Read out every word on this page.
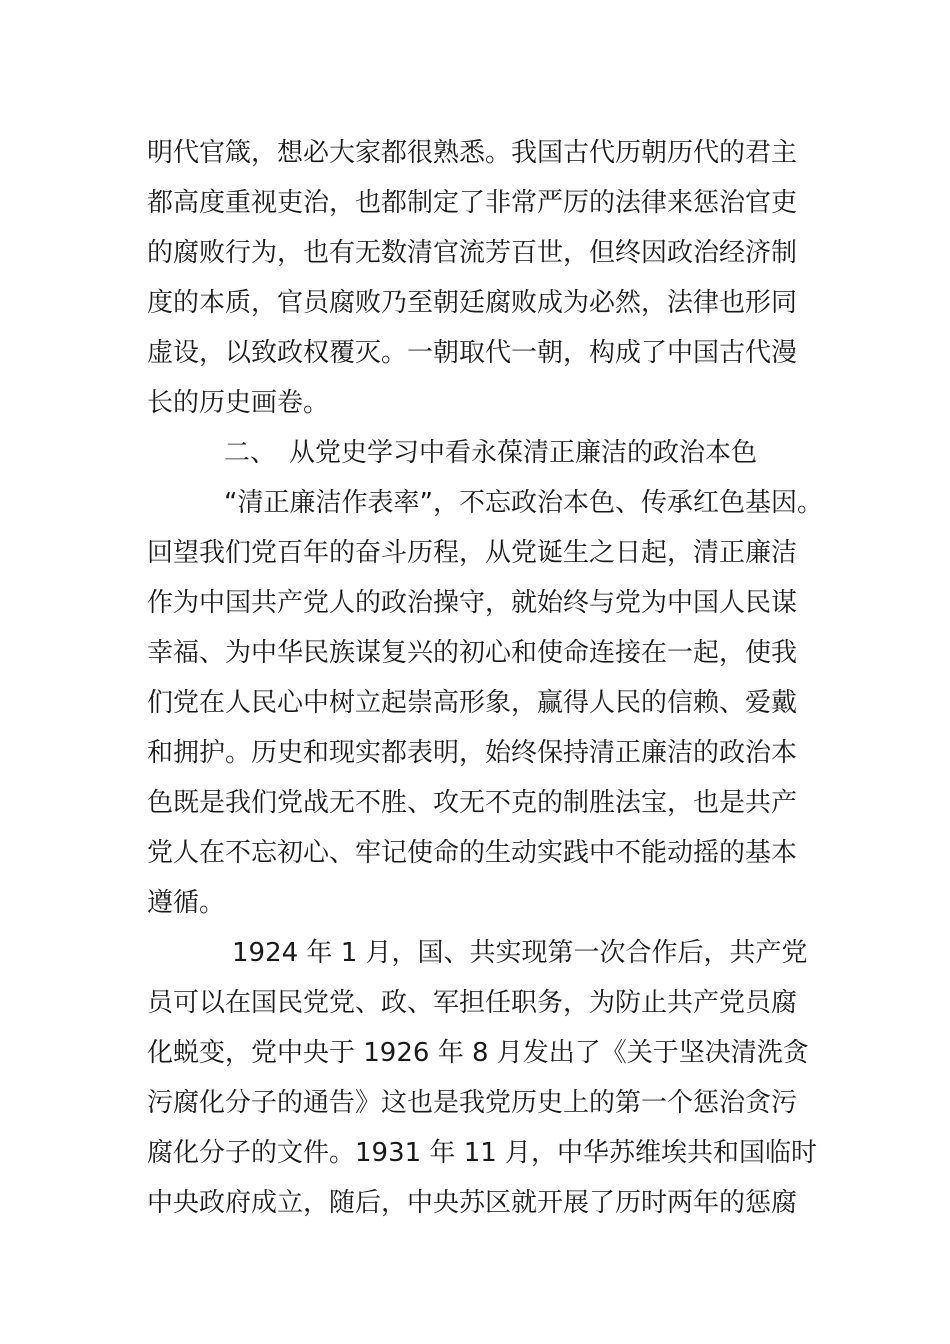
明代官箴，想必大家都很熟悉。我国古代历朝历代的君主
都高度重视吏治，也都制定了非常严厉的法律来惩治官吏
的腐败行为，也有无数清官流芳百世，但终因政治经济制
度的本质，官员腐败乃至朝廷腐败成为必然，法律也形同
虚设，以致政权覆灭。一朝取代一朝，构成了中国古代漫
长的历史画卷。
二、　从党史学习中看永葆清正廉洁的政治本色
“清正廉洁作表率”，不忘政治本色、传承红色基因。
回望我们党百年的奋斗历程，从党诞生之日起，清正廉洁
作为中国共产党人的政治操守，就始终与党为中国人民谋
幸福、为中华民族谋复兴的初心和使命连接在一起，使我
们党在人民心中树立起崇高形象，赢得人民的信赖、爱戴
和拥护。历史和现实都表明，始终保持清正廉洁的政治本
色既是我们党战无不胜、攻无不克的制胜法宝，也是共产
党人在不忘初心、牢记使命的生动实践中不能动摇的基本
遵循。
1924 年 1 月，国、共实现第一次合作后，共产党
员可以在国民党党、政、军担任职务，为防止共产党员腐
化蜕变，党中央于 1926 年 8 月发出了《关于坚决清洗贪
污腐化分子的通告》这也是我党历史上的第一个惩治贪污
腐化分子的文件。1931 年 11 月，中华苏维埃共和国临时
中央政府成立，随后，中央苏区就开展了历时两年的惩腐
